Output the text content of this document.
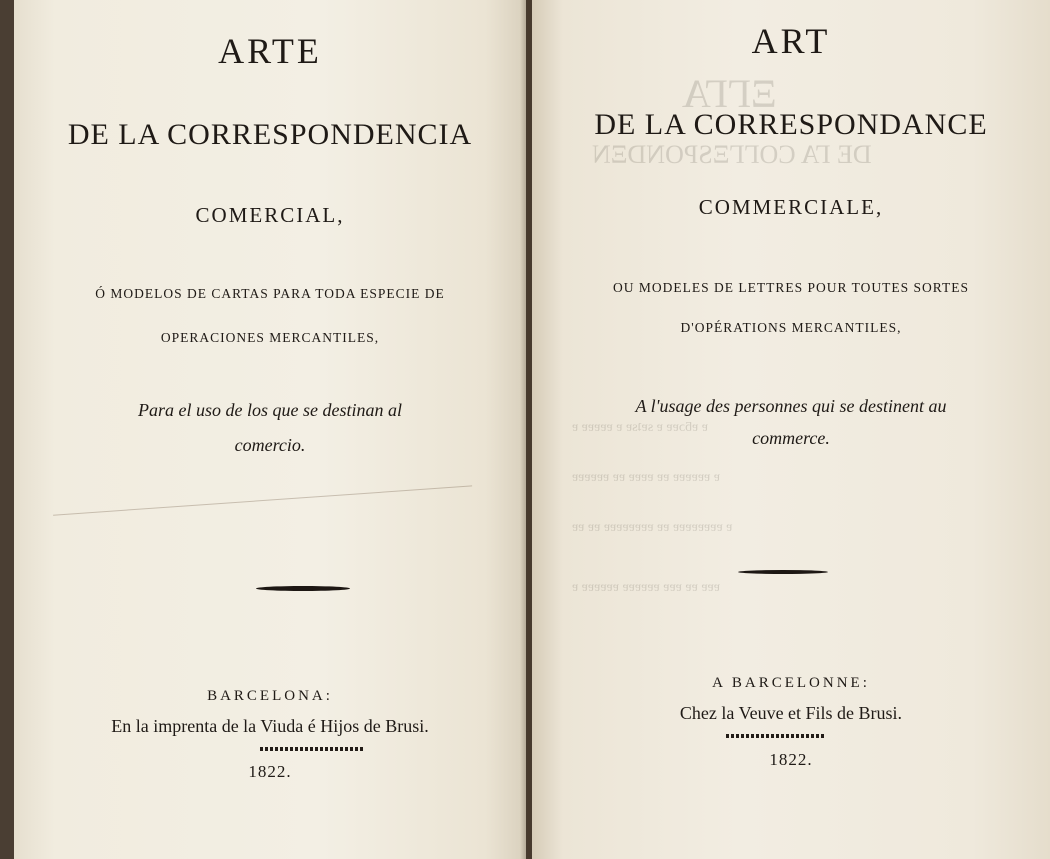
ARTE
DE LA CORRESPONDENCIA
COMERCIAL,
Ó MODELOS DE CARTAS PARA TODA ESPECIE DE
OPERACIONES MERCANTILES,
Para el uso de los que se destinan al
comercio.
BARCELONA:
En la imprenta de la Viuda é Hijos de Brusi.
1822.
ΞΓΓΑ
DE ΓΑ COΓΓΞSPONDΞΝ
ɐ ɐƃɔɐɐ ɐ sɐʇsɐ ɐ ɐɐɐɐɐ ɐ
ɐ ɐɐɐɐɐɐ ɐɐ ɐɐɐɐ ɐɐ ɐɐɐɐɐɐ
ɐ ɐɐɐɐɐɐɐɐ ɐɐ ɐɐɐɐɐɐɐɐ ɐɐ ɐɐ
ɐɐɐ ɐɐ ɐɐɐ ɐɐɐɐɐɐ ɐɐɐɐɐɐ ɐ
ART
DE LA CORRESPONDANCE
COMMERCIALE,
OU MODELES DE LETTRES POUR TOUTES SORTES
D'OPÉRATIONS MERCANTILES,
A l'usage des personnes qui se destinent au
commerce.
A BARCELONNE:
Chez la Veuve et Fils de Brusi.
1822.
